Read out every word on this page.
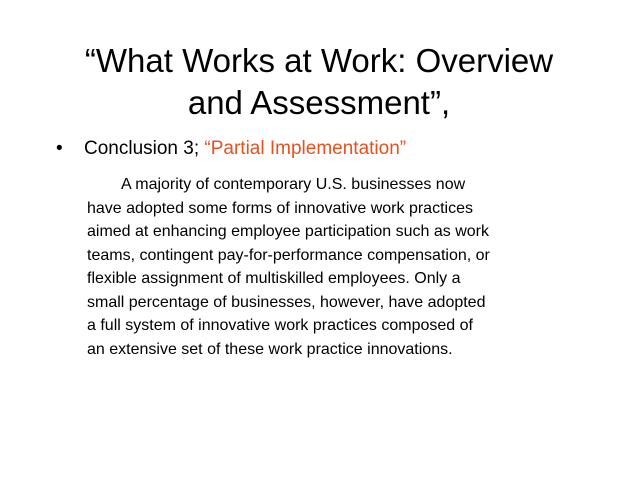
“What Works at Work: Overview
and Assessment”,
• Conclusion 3; “Partial Implementation”

A majority of contemporary U.S. businesses now
have adopted some forms of innovative work practices
aimed at enhancing employee participation such as work
teams, contingent pay-for-performance compensation, or
flexible assignment of multiskilled employees. Only a
small percentage of businesses, however, have adopted
a full system of innovative work practices composed of
an extensive set of these work practice innovations.
